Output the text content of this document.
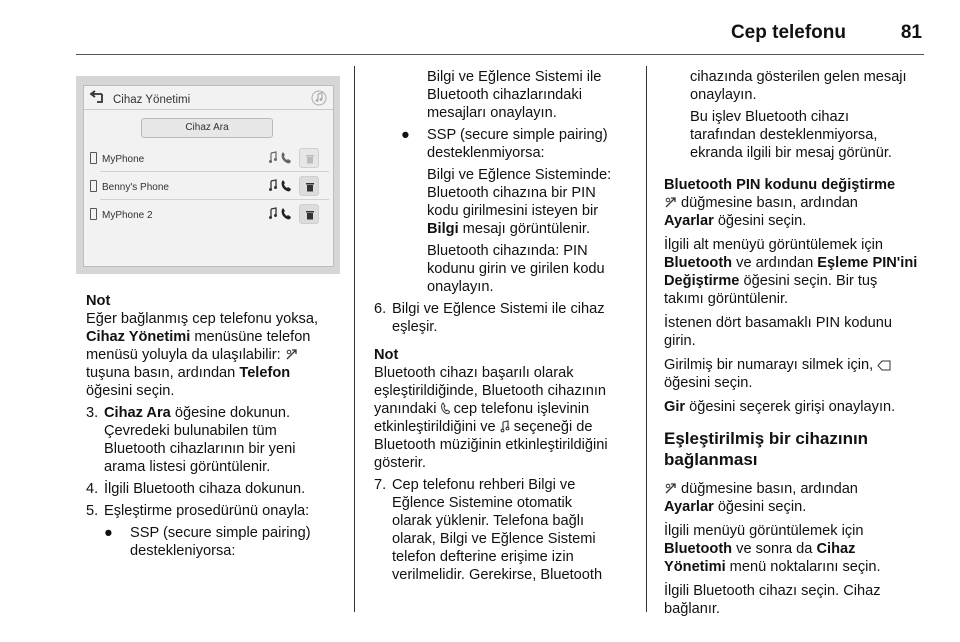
Cep telefonu	81
Cihaz Yönetimi
Cihaz Ara
MyPhone
Benny's Phone
MyPhone 2
Not
Eğer bağlanmış cep telefonu yoksa,
Cihaz Yönetimi menüsüne telefon
menüsü yoluyla da ulaşılabilir:
tuşuna basın, ardından Telefon
öğesini seçin.
3. Cihaz Ara öğesine dokunun.
Çevredeki bulunabilen tüm
Bluetooth cihazlarının bir yeni
arama listesi görüntülenir.
4. İlgili Bluetooth cihaza dokunun.
5. Eşleştirme prosedürünü onayla:
● SSP (secure simple pairing)
destekleniyorsa:
Bilgi ve Eğlence Sistemi ile
Bluetooth cihazlarındaki
mesajları onaylayın.
● SSP (secure simple pairing)
desteklenmiyorsa:
Bilgi ve Eğlence Sisteminde:
Bluetooth cihazına bir PIN
kodu girilmesini isteyen bir
Bilgi mesajı görüntülenir.
Bluetooth cihazında: PIN
kodunu girin ve girilen kodu
onaylayın.
6. Bilgi ve Eğlence Sistemi ile cihaz
eşleşir.
Not
Bluetooth cihazı başarılı olarak
eşleştirildiğinde, Bluetooth cihazının
yanındaki  cep telefonu işlevinin
etkinleştirildiğini ve  seçeneği de
Bluetooth müziğinin etkinleştirildiğini
gösterir.
7. Cep telefonu rehberi Bilgi ve
Eğlence Sistemine otomatik
olarak yüklenir. Telefona bağlı
olarak, Bilgi ve Eğlence Sistemi
telefon defterine erişime izin
verilmelidir. Gerekirse, Bluetooth
cihazında gösterilen gelen mesajı
onaylayın.
Bu işlev Bluetooth cihazı
tarafından desteklenmiyorsa,
ekranda ilgili bir mesaj görünür.
Bluetooth PIN kodunu değiştirme
düğmesine basın, ardından
Ayarlar öğesini seçin.
İlgili alt menüyü görüntülemek için
Bluetooth ve ardından Eşleme PIN'ini
Değiştirme öğesini seçin. Bir tuş
takımı görüntülenir.
İstenen dört basamaklı PIN kodunu
girin.
Girilmiş bir numarayı silmek için,
öğesini seçin.
Gir öğesini seçerek girişi onaylayın.
Eşleştirilmiş bir cihazının
bağlanması
düğmesine basın, ardından
Ayarlar öğesini seçin.
İlgili menüyü görüntülemek için
Bluetooth ve sonra da Cihaz
Yönetimi menü noktalarını seçin.
İlgili Bluetooth cihazı seçin. Cihaz
bağlanır.
